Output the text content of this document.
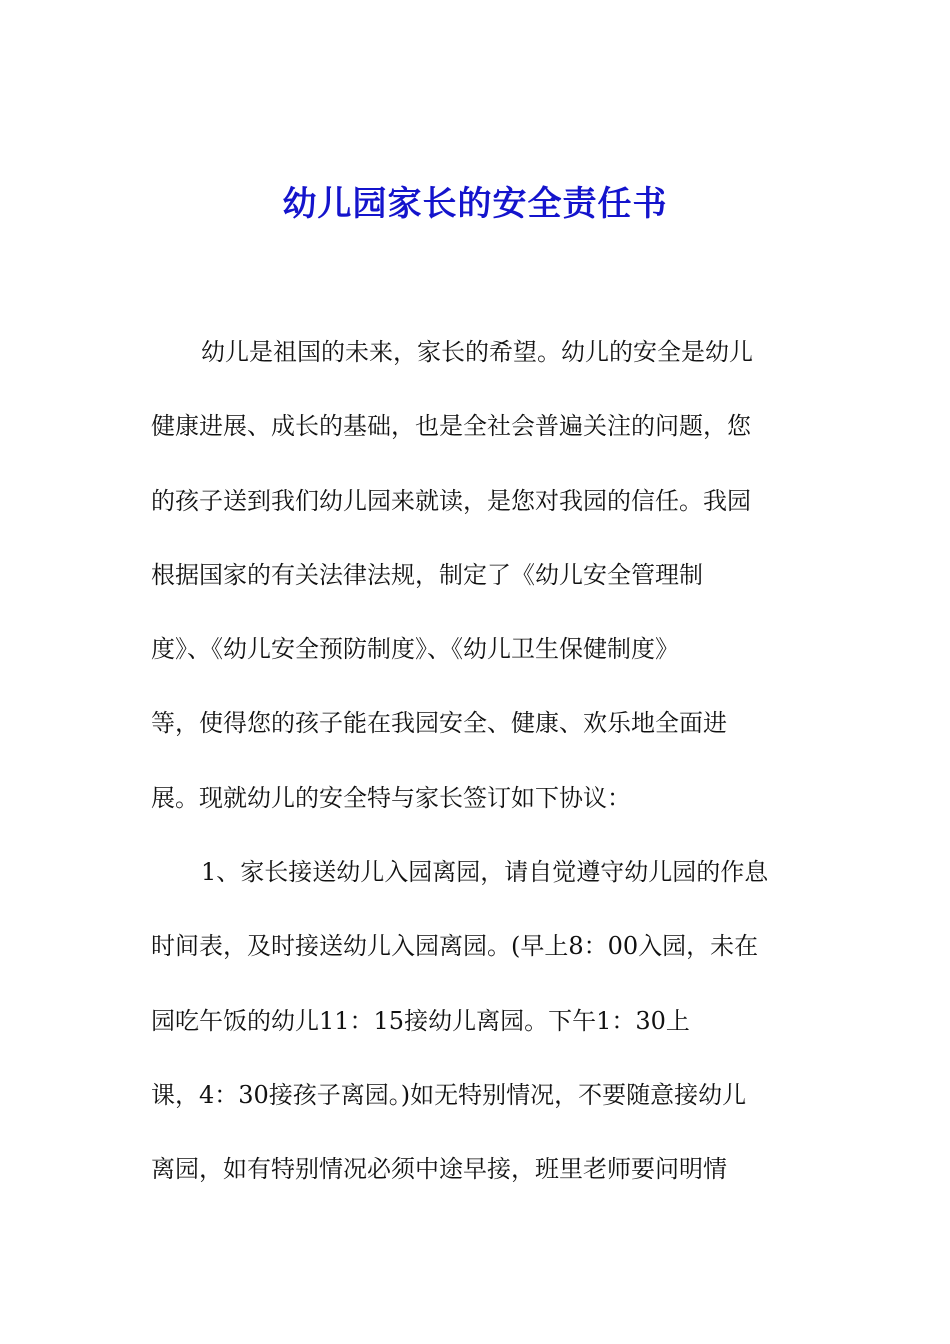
幼儿园家长的安全责任书
幼儿是祖国的未来，家长的希望。幼儿的安全是幼儿
健康进展、成长的基础，也是全社会普遍关注的问题，您
的孩子送到我们幼儿园来就读，是您对我园的信任。我园
根据国家的有关法律法规，制定了《幼儿安全管理制
度》、《幼儿安全预防制度》、《幼儿卫生保健制度》
等，使得您的孩子能在我园安全、健康、欢乐地全面进
展。现就幼儿的安全特与家长签订如下协议：
1、家长接送幼儿入园离园，请自觉遵守幼儿园的作息
时间表，及时接送幼儿入园离园。(早上8：00入园，未在
园吃午饭的幼儿11：15接幼儿离园。下午1：30上
课，4：30接孩子离园。)如无特别情况，不要随意接幼儿
离园，如有特别情况必须中途早接，班里老师要问明情
